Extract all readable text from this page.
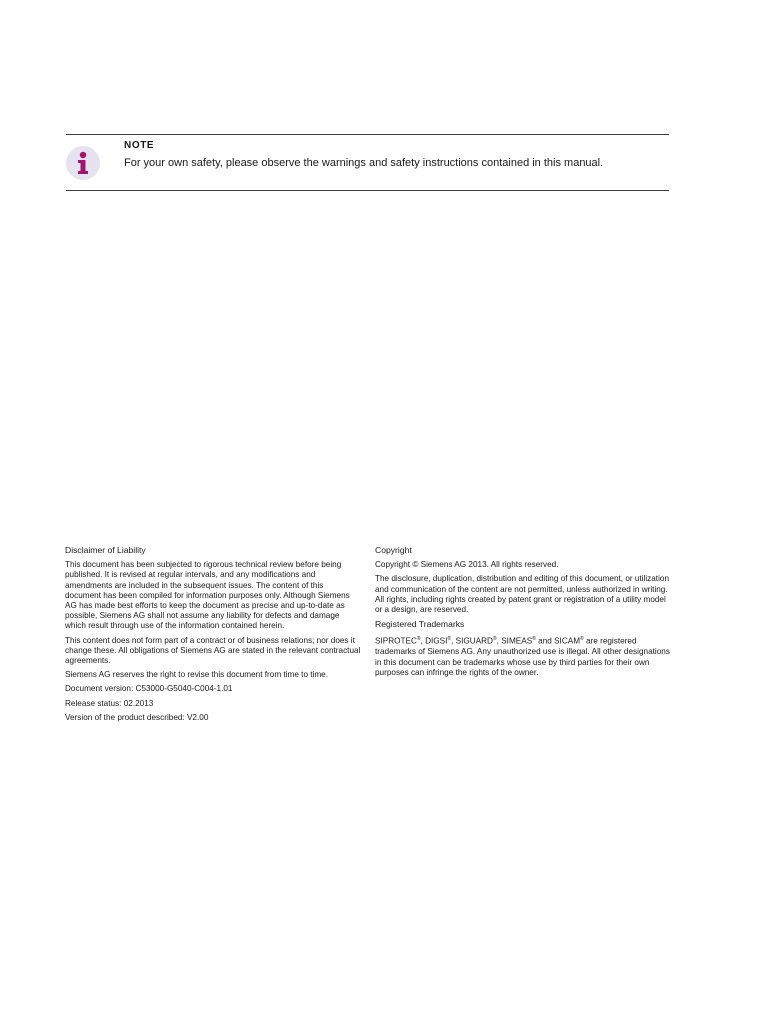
NOTE
For your own safety, please observe the warnings and safety instructions contained in this manual.
Disclaimer of Liability
This document has been subjected to rigorous technical review before being published. It is revised at regular intervals, and any modifications and amendments are included in the subsequent issues. The content of this document has been compiled for information purposes only. Although Siemens AG has made best efforts to keep the document as precise and up-to-date as possible, Siemens AG shall not assume any liability for defects and damage which result through use of the information contained herein.
This content does not form part of a contract or of business relations; nor does it change these. All obligations of Siemens AG are stated in the relevant contractual agreements.
Siemens AG reserves the right to revise this document from time to time.
Document version: C53000-G5040-C004-1.01
Release status: 02.2013
Version of the product described: V2.00
Copyright
Copyright © Siemens AG 2013. All rights reserved.
The disclosure, duplication, distribution and editing of this document, or utilization and communication of the content are not permitted, unless authorized in writing. All rights, including rights created by patent grant or registration of a utility model or a design, are reserved.
Registered Trademarks
SIPROTEC®, DIGSI®, SIGUARD®, SIMEAS® and SICAM® are registered trademarks of Siemens AG. Any unauthorized use is illegal. All other designations in this document can be trademarks whose use by third parties for their own purposes can infringe the rights of the owner.
